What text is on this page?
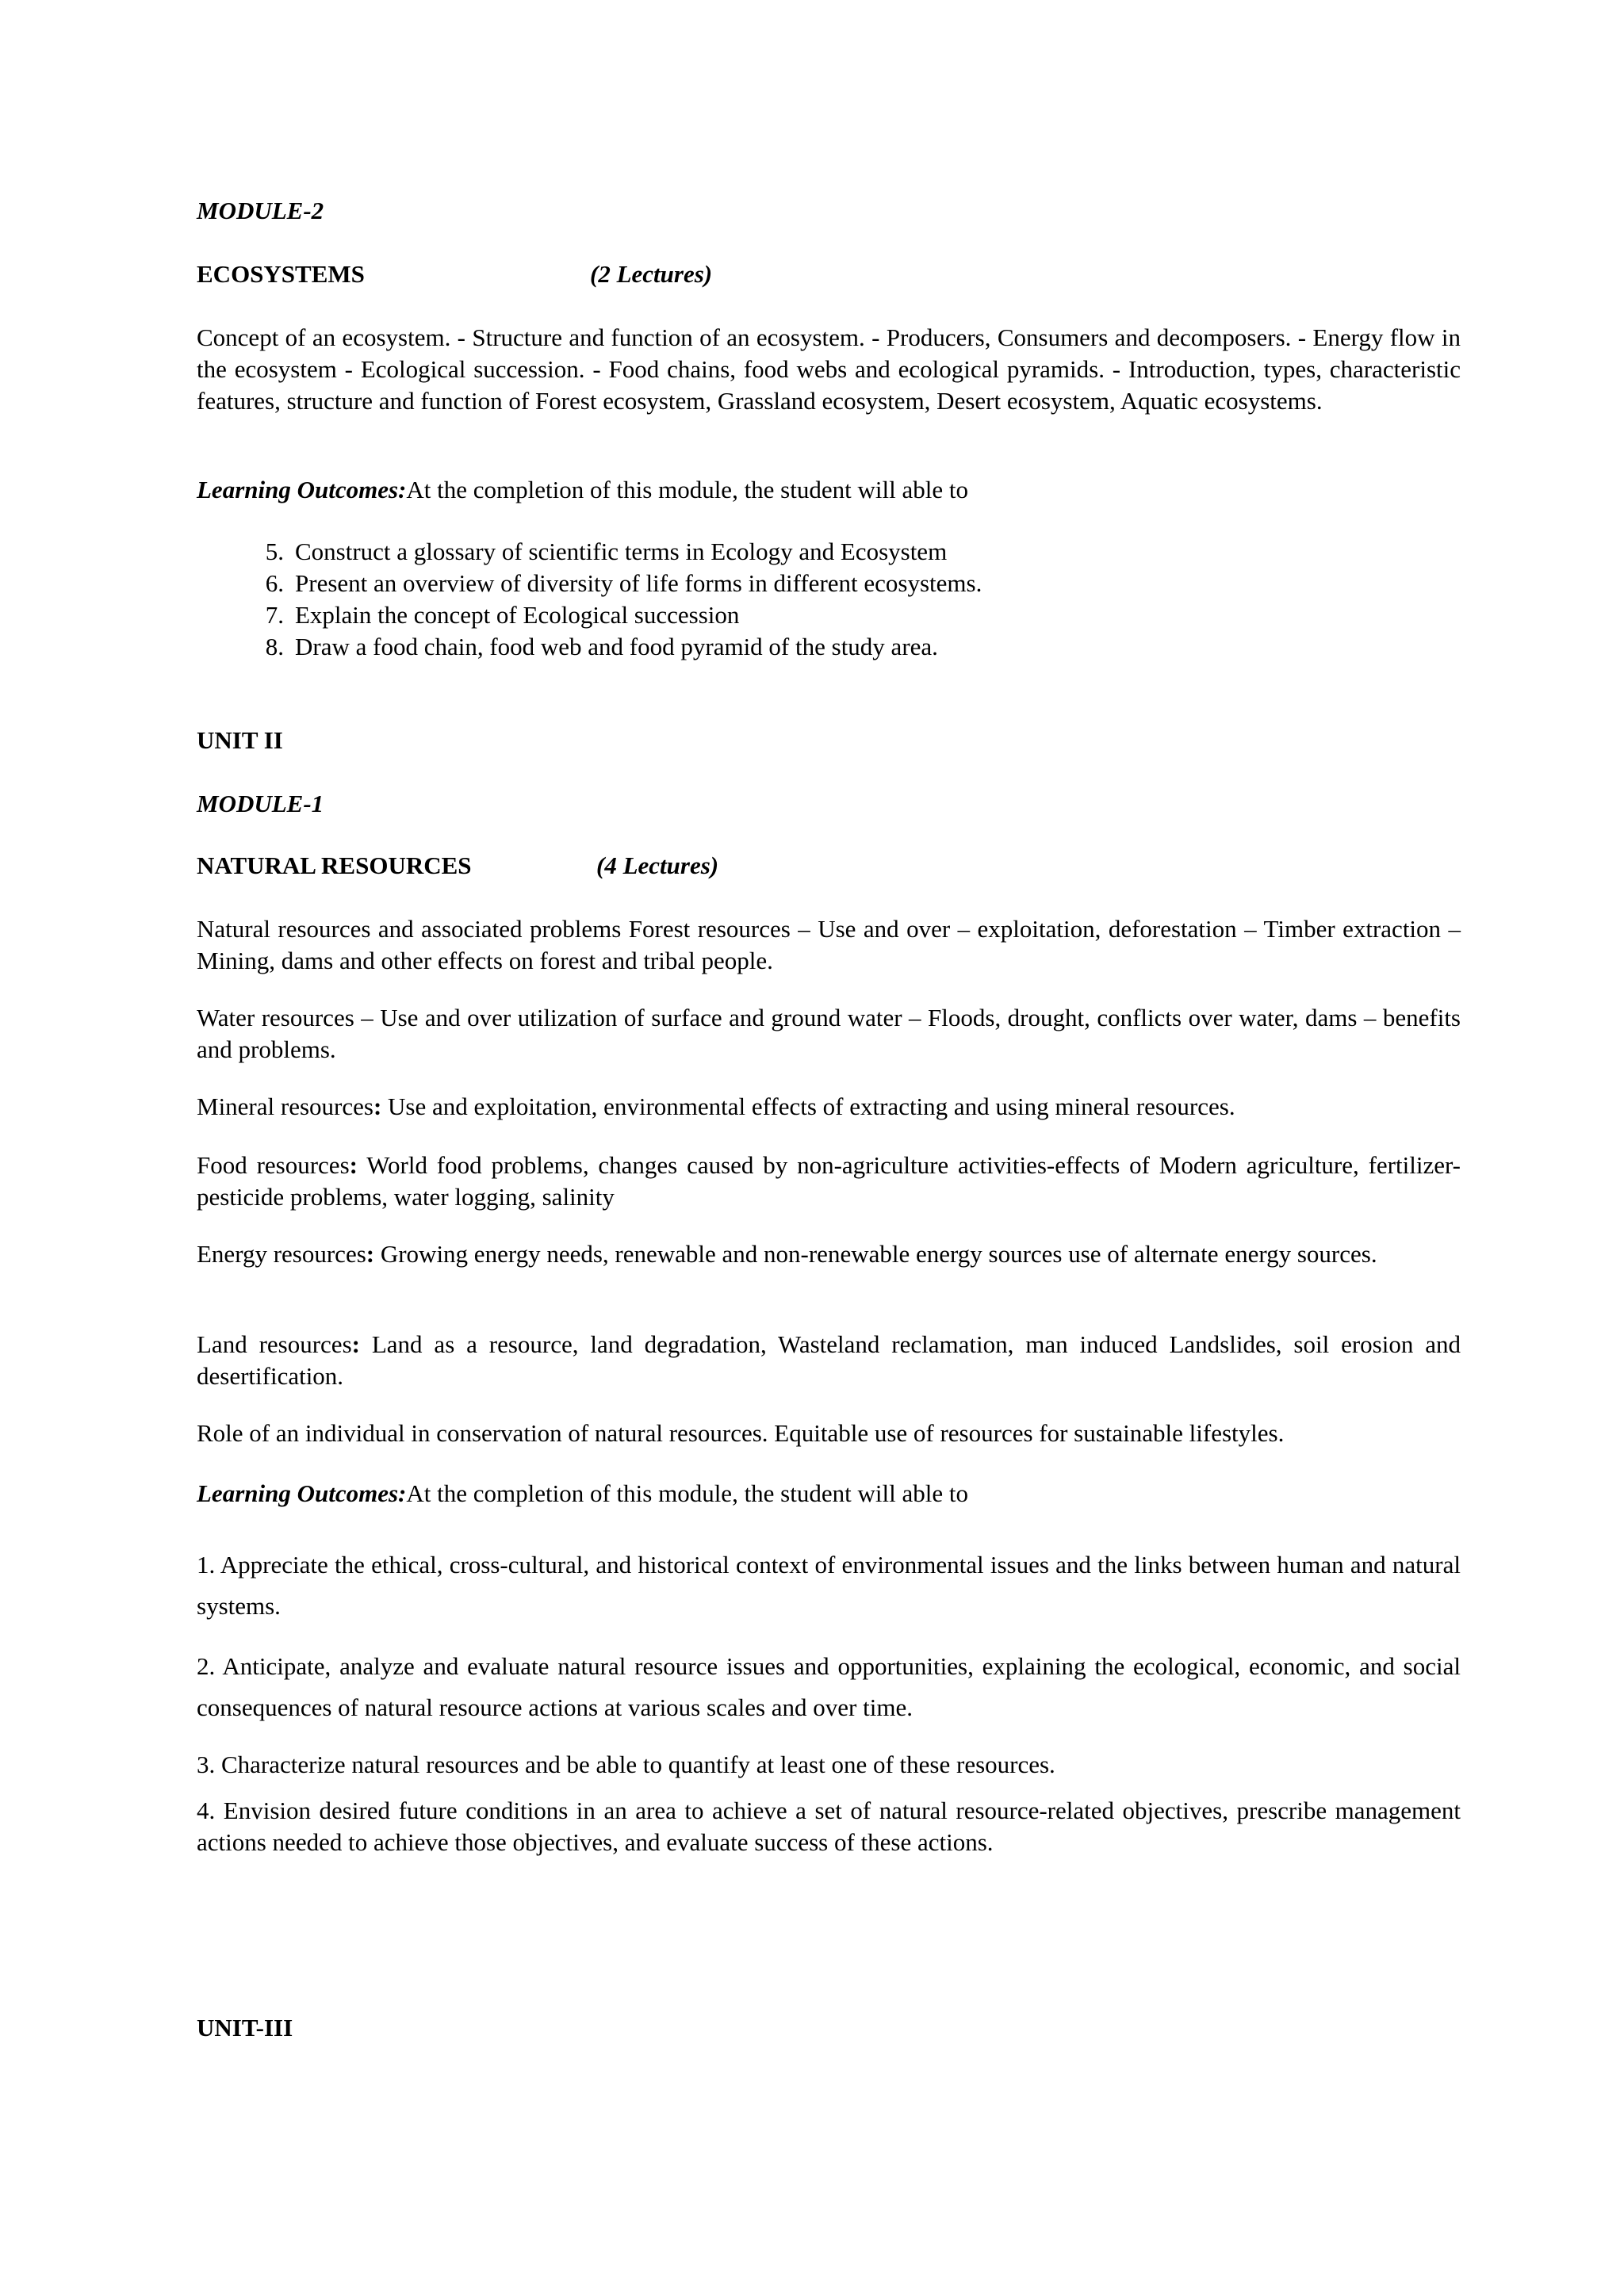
MODULE-2
ECOSYSTEMS	(2 Lectures)

Concept of an ecosystem. - Structure and function of an ecosystem. - Producers, Consumers and decomposers. - Energy flow in the ecosystem - Ecological succession. - Food chains, food webs and ecological pyramids. - Introduction, types, characteristic features, structure and function of Forest ecosystem, Grassland ecosystem, Desert ecosystem, Aquatic ecosystems.

Learning Outcomes:At the completion of this module, the student will able to
5. Construct a glossary of scientific terms in Ecology and Ecosystem
6. Present an overview of diversity of life forms in different ecosystems.
7. Explain the concept of Ecological succession
8. Draw a food chain, food web and food pyramid of the study area.
UNIT II
MODULE-1
NATURAL RESOURCES	(4 Lectures)

Natural resources and associated problems Forest resources – Use and over – exploitation, deforestation – Timber extraction – Mining, dams and other effects on forest and tribal people.

Water resources – Use and over utilization of surface and ground water – Floods, drought, conflicts over water, dams – benefits and problems.

Mineral resources: Use and exploitation, environmental effects of extracting and using mineral resources.

Food resources: World food problems, changes caused by non-agriculture activities-effects of Modern agriculture, fertilizer-pesticide problems, water logging, salinity

Energy resources: Growing energy needs, renewable and non-renewable energy sources use of alternate energy sources.

Land resources: Land as a resource, land degradation, Wasteland reclamation, man induced Landslides, soil erosion and desertification.

Role of an individual in conservation of natural resources. Equitable use of resources for sustainable lifestyles.

Learning Outcomes:At the completion of this module, the student will able to

1. Appreciate the ethical, cross-cultural, and historical context of environmental issues and the links between human and natural systems.

2. Anticipate, analyze and evaluate natural resource issues and opportunities, explaining the ecological, economic, and social consequences of natural resource actions at various scales and over time.

3. Characterize natural resources and be able to quantify at least one of these resources.

4. Envision desired future conditions in an area to achieve a set of natural resource-related objectives, prescribe management actions needed to achieve those objectives, and evaluate success of these actions.

UNIT-III
